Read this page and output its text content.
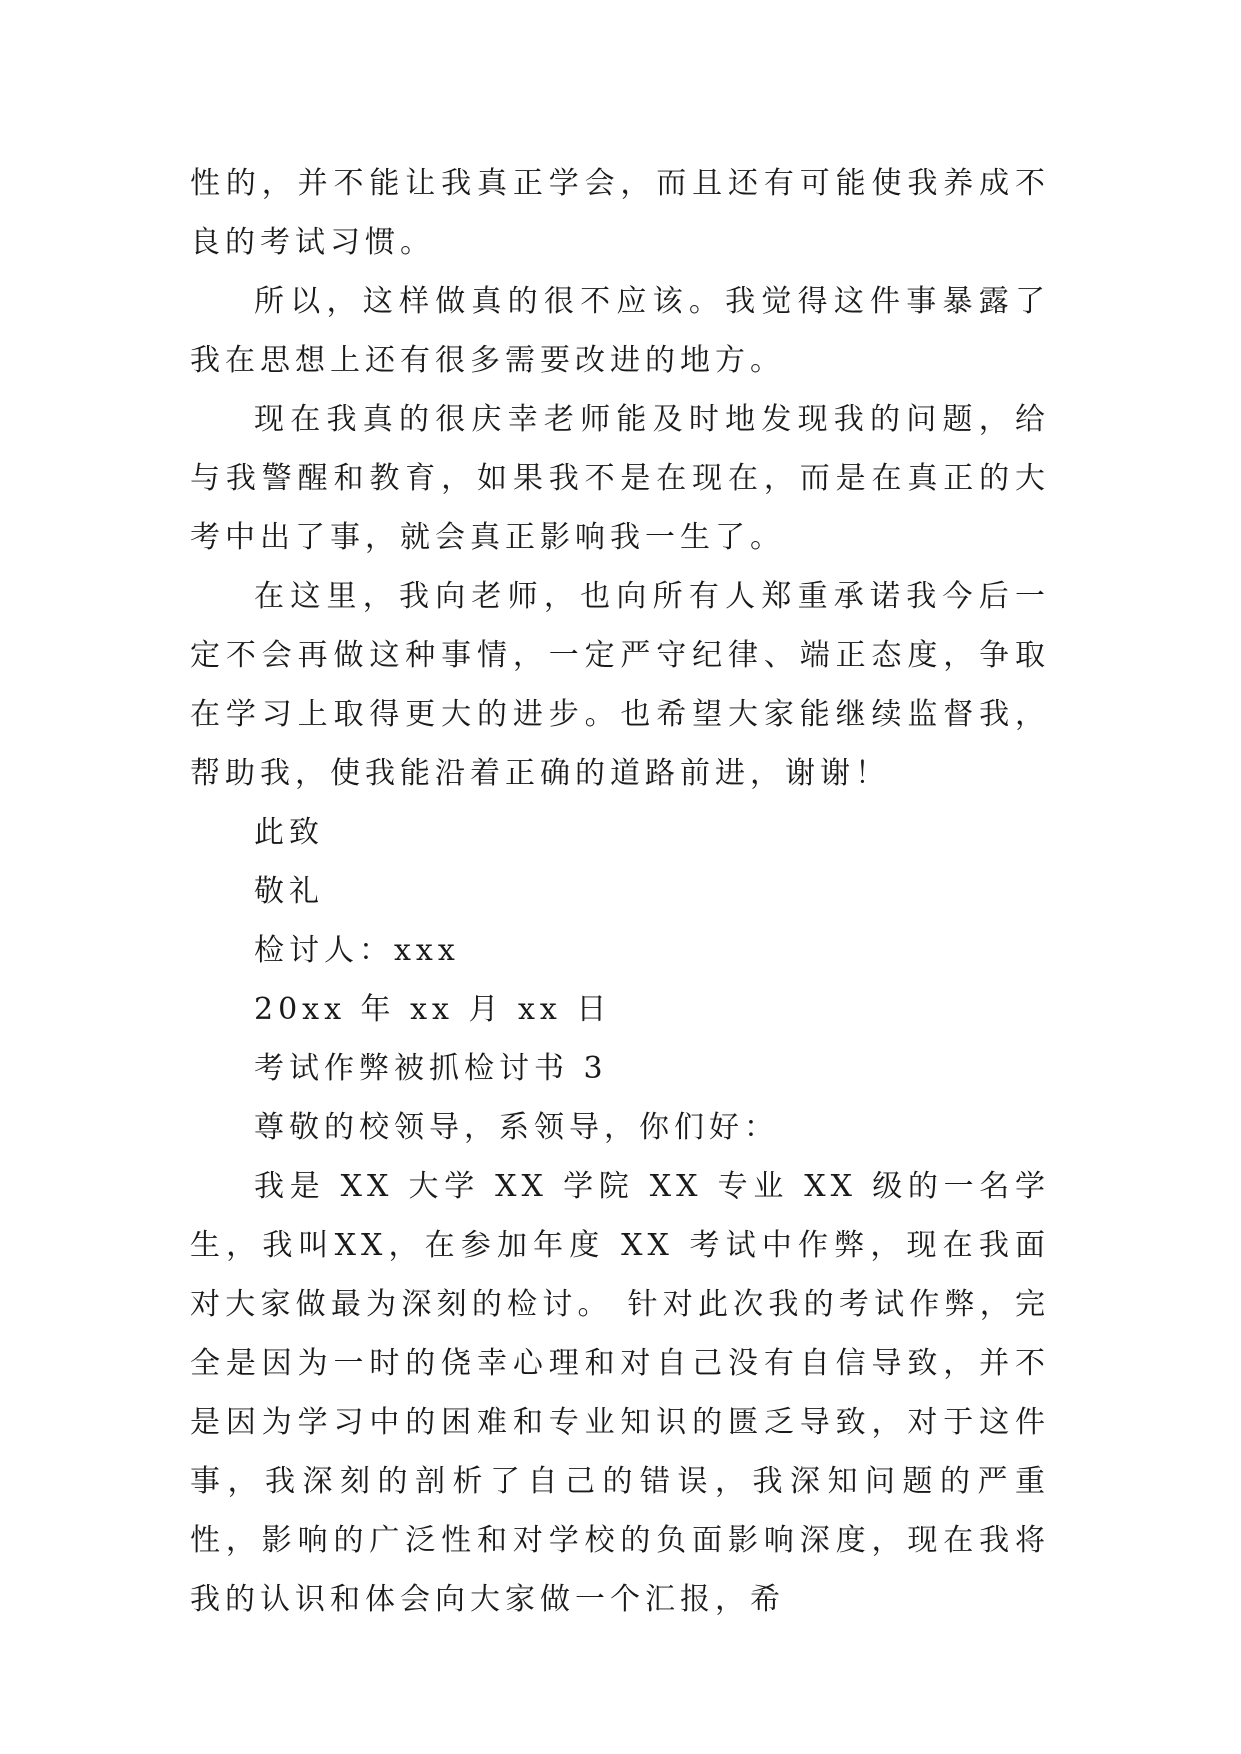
性的，并不能让我真正学会，而且还有可能使我养成不良的考试习惯。

所以，这样做真的很不应该。我觉得这件事暴露了我在思想上还有很多需要改进的地方。

现在我真的很庆幸老师能及时地发现我的问题，给与我警醒和教育，如果我不是在现在，而是在真正的大考中出了事，就会真正影响我一生了。

在这里，我向老师，也向所有人郑重承诺我今后一定不会再做这种事情，一定严守纪律、端正态度，争取在学习上取得更大的进步。也希望大家能继续监督我，帮助我，使我能沿着正确的道路前进，谢谢！

此致

敬礼

检讨人：xxx

20xx 年 xx 月 xx 日

考试作弊被抓检讨书 3

尊敬的校领导，系领导，你们好：

我是 XX 大学 XX 学院 XX 专业 XX 级的一名学生，我叫XX，在参加年度 XX 考试中作弊，现在我面对大家做最为深刻的检讨。 针对此次我的考试作弊，完全是因为一时的侥幸心理和对自己没有自信导致，并不是因为学习中的困难和专业知识的匮乏导致，对于这件事，我深刻的剖析了自己的错误，我深知问题的严重性，影响的广泛性和对学校的负面影响深度，现在我将我的认识和体会向大家做一个汇报，希
